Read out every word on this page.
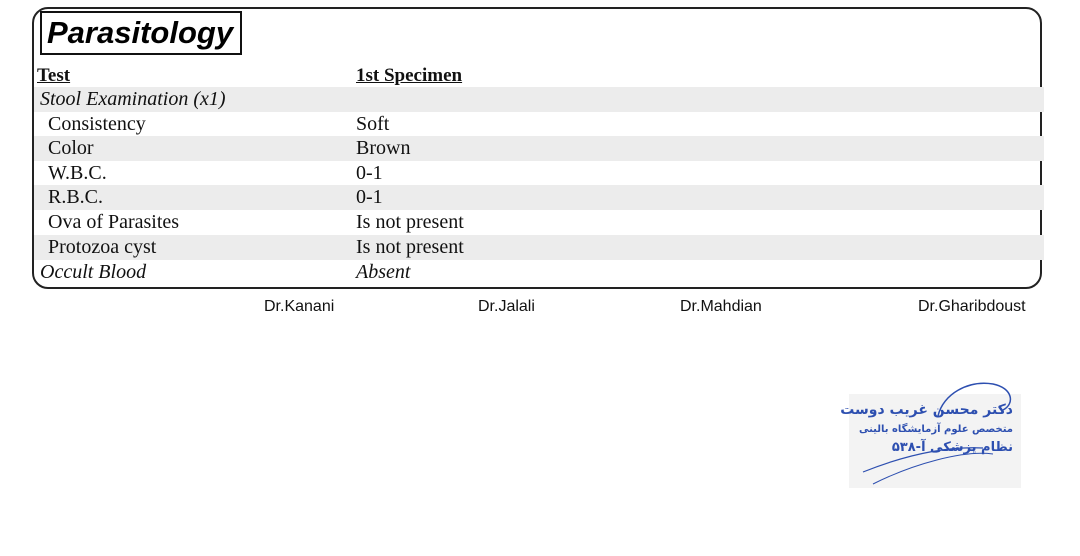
Parasitology
Test	1st Specimen
Stool Examination (x1)
Consistency	Soft
Color	Brown
W.B.C.	0-1
R.B.C.	0-1
Ova of Parasites	Is not present
Protozoa cyst	Is not present
Occult Blood	Absent
Dr.Kanani	Dr.Jalali	Dr.Mahdian	Dr.Gharibdoust
دکتر محسن غریب دوست
متخصص علوم آزمایشگاه بالینی
نظام پزشکی آ-۵۳۸
